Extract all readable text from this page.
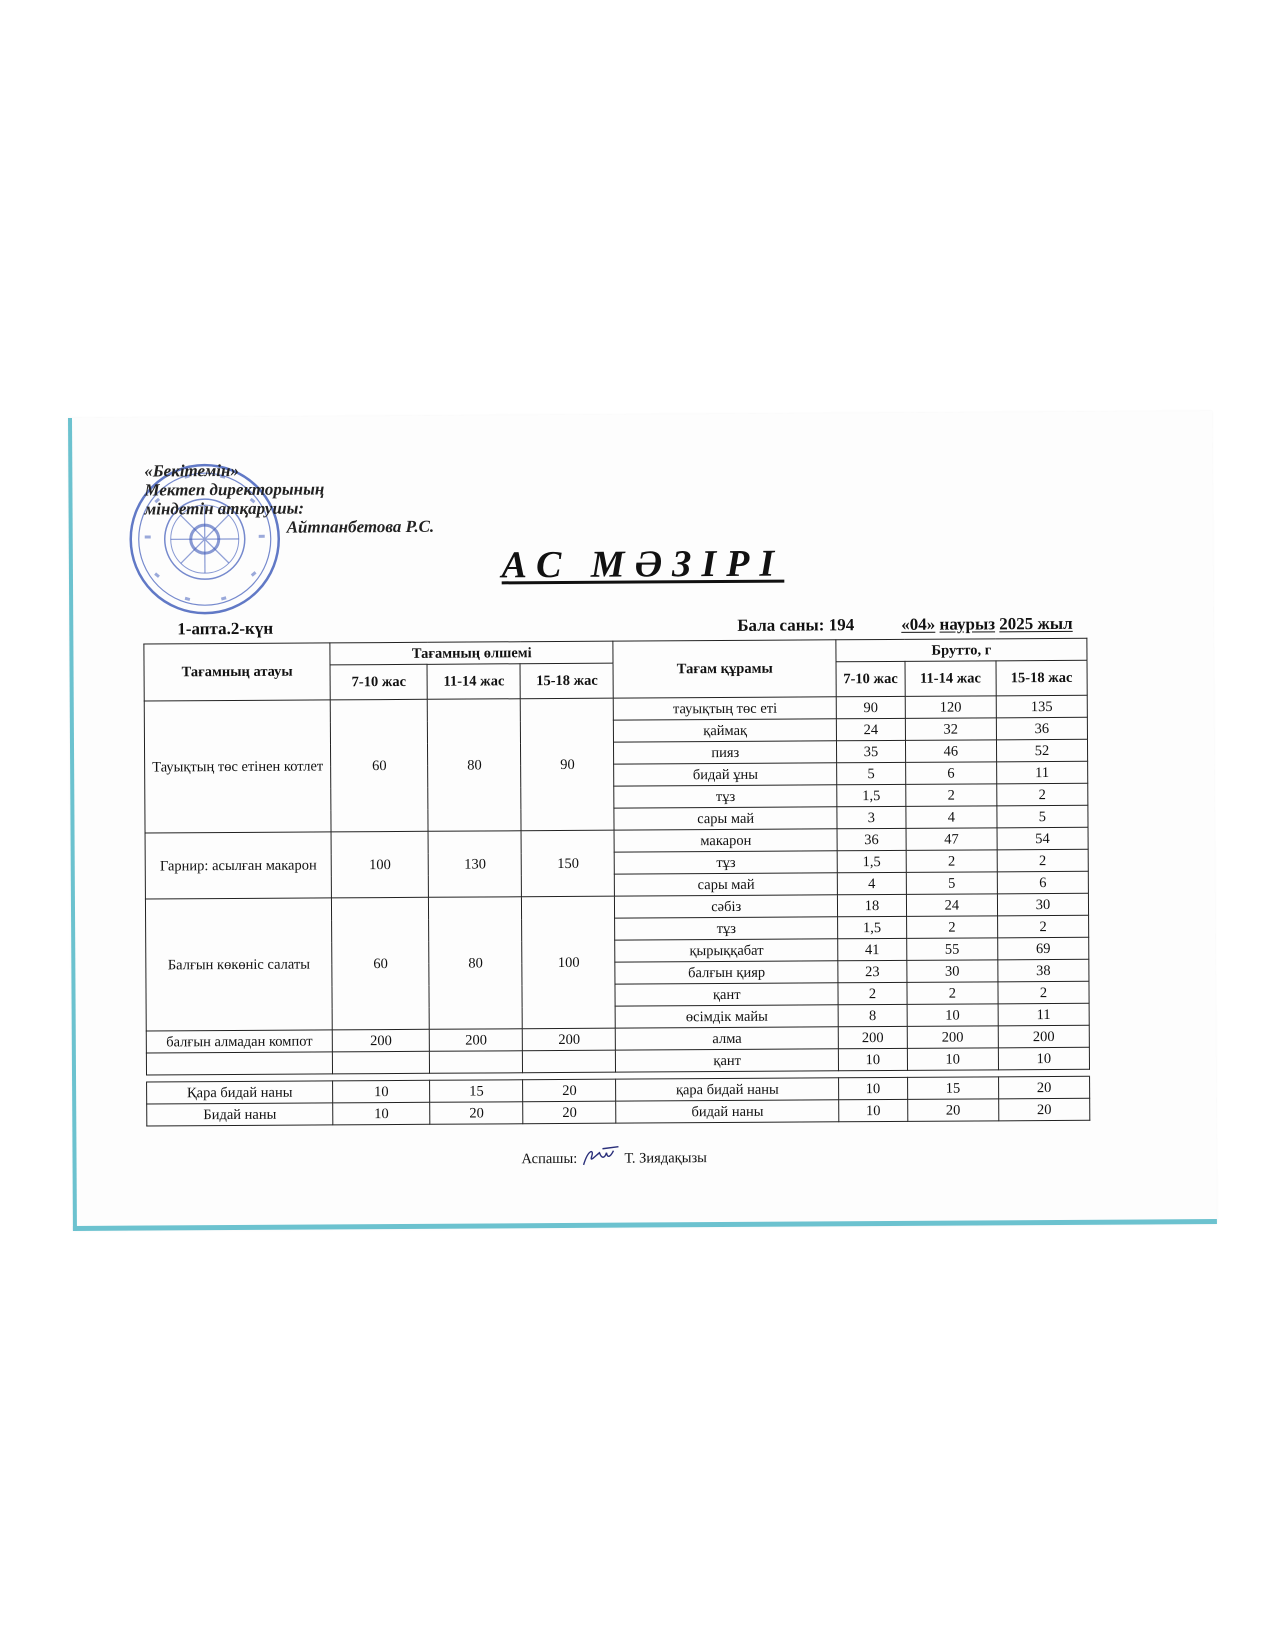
«Бекітемін»
Мектеп директорының
міндетін атқарушы:
Айтпанбетова Р.С.
АС МӘЗІРІ
1-апта.2-күн	Бала саны: 194	«04» наурыз 2025 жыл
Тағамның атауы	Тағамның өлшемі			Тағам құрамы	Брутто, г		
	7-10 жас	11-14 жас	15-18 жас		7-10 жас	11-14 жас	15-18 жас
Тауықтың төс етінен котлет	60	80	90	тауықтың төс еті	90	120	135
				қаймақ	24	32	36
				пияз	35	46	52
				бидай ұны	5	6	11
				тұз	1,5	2	2
				сары май	3	4	5
Гарнир: асылған макарон	100	130	150	макарон	36	47	54
				тұз	1,5	2	2
				сары май	4	5	6
Балғын көкөніс салаты	60	80	100	сәбіз	18	24	30
				тұз	1,5	2	2
				қырыққабат	41	55	69
				балғын қияр	23	30	38
				қант	2	2	2
				өсімдік майы	8	10	11
балғын алмадан компот	200	200	200	алма	200	200	200
				қант	10	10	10

Қара бидай наны	10	15	20	қара бидай наны	10	15	20
Бидай наны	10	20	20	бидай наны	10	20	20
Аспашы:	Т. Зиядақызы
